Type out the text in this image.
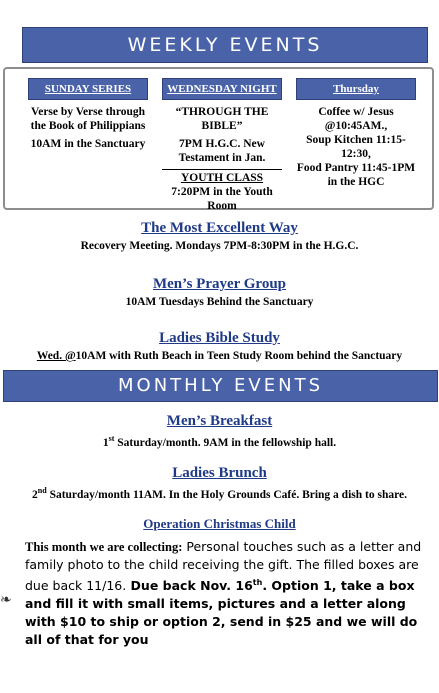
WEEKLY EVENTS
SUNDAY SERIES

Verse by Verse through the Book of Philippians

10AM in the Sanctuary

WEDNESDAY NIGHT

“THROUGH THE BIBLE”

7PM H.G.C. New Testament in Jan.

YOUTH CLASS

7:20PM in the Youth Room

Thursday
Coffee w/ Jesus @10:45AM.,
Soup Kitchen 11:15-12:30,
Food Pantry 11:45-1PM
in the HGC
The Most Excellent Way
Recovery Meeting. Mondays 7PM-8:30PM in the H.G.C.
Men’s Prayer Group
10AM Tuesdays Behind the Sanctuary
Ladies Bible Study
Wed. @10AM with Ruth Beach in Teen Study Room behind the Sanctuary
MONTHLY EVENTS
Men’s Breakfast
1st Saturday/month. 9AM in the fellowship hall.
Ladies Brunch
2nd Saturday/month 11AM. In the Holy Grounds Café. Bring a dish to share.
Operation Christmas Child
This month we are collecting: Personal touches such as a letter and family photo to the child receiving the gift. The filled boxes are due back 11/16. Due back Nov. 16th. Option 1, take a box and fill it with small items, pictures and a letter along with $10 to ship or option 2, send in $25 and we will do all of that for you
❧
